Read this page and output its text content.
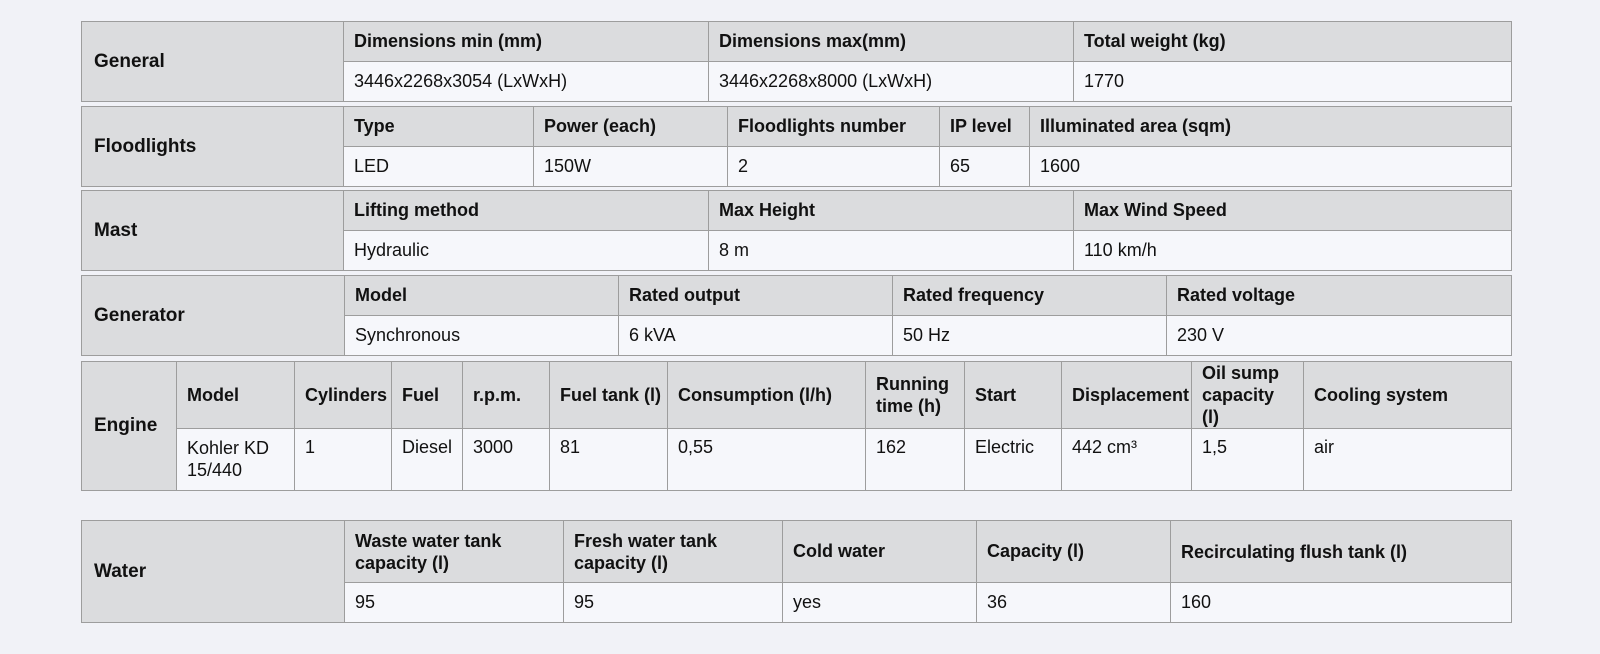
General	Dimensions min (mm)	Dimensions max(mm)	Total weight (kg)
	3446x2268x3054 (LxWxH)	3446x2268x8000 (LxWxH)	1770
Floodlights	Type	Power (each)	Floodlights number	IP level	Illuminated area (sqm)
	LED	150W	2	65	1600
Mast	Lifting method	Max Height	Max Wind Speed
	Hydraulic	8 m	110 km/h
Generator	Model	Rated output	Rated frequency	Rated voltage
	Synchronous	6 kVA	50 Hz	230 V
Engine	Model	Cylinders	Fuel	r.p.m.	Fuel tank (l)	Consumption (l/h)	Running time (h)	Start	Displacement	Oil sump capacity (l)	Cooling system
	Kohler KD 15/440	1	Diesel	3000	81	0,55	162	Electric	442 cm³	1,5	air
Water	Waste water tank capacity (l)	Fresh water tank capacity (l)	Cold water	Capacity (l)	Recirculating flush tank (l)
	95	95	yes	36	160
